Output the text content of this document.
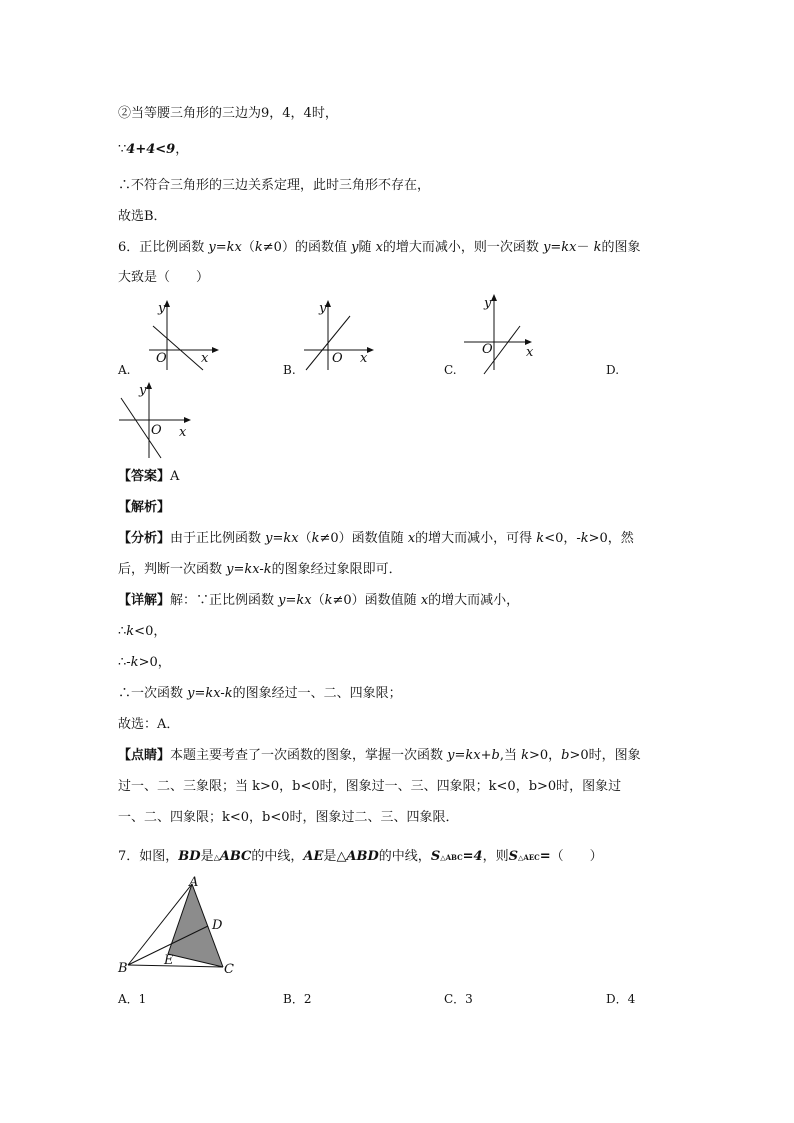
②当等腰三角形的三边为9，4，4时，
∵4+4<9，
∴不符合三角形的三边关系定理，此时三角形不存在，
故选B．
6．正比例函数 y=kx（k≠0）的函数值 y随 x的增大而减小，则一次函数 y=kx－ k的图象
大致是（　　）
y
O	x
A.
y
O x
B.
y
O	x
C.	D.
y
O x
【答案】A
【解析】
【分析】由于正比例函数 y=kx（k≠0）函数值随 x的增大而减小，可得 k<0，-k>0，然
后，判断一次函数 y=kx-k的图象经过象限即可．
【详解】解：∵正比例函数 y=kx（k≠0）函数值随 x的增大而减小，
∴k<0，
∴-k>0，
∴一次函数 y=kx-k的图象经过一、二、四象限；
故选：A．
【点睛】本题主要考查了一次函数的图象，掌握一次函数 y=kx+b,当 k>0，b>0时，图象
过一、二、三象限；当 k>0，b<0时，图象过一、三、四象限；k<0，b>0时，图象过
一、二、四象限；k<0，b<0时，图象过二、三、四象限．
7．如图，BD是△ABC的中线，AE是△ABD的中线，S△ABC=4，则S△AEC=（　　）
A
D
E
B	C
A．1	B．2	C．3	D．4
